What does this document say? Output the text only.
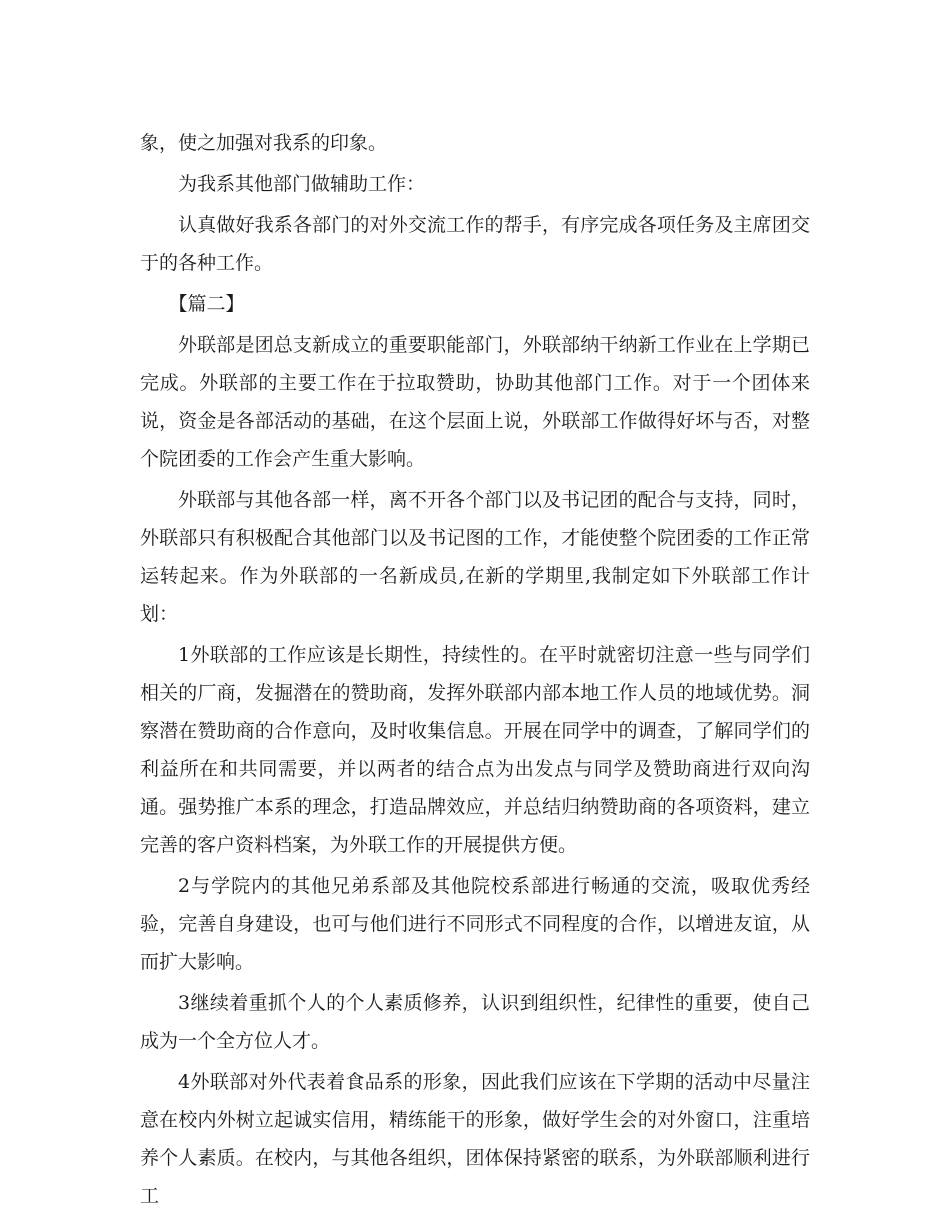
象，使之加强对我系的印象。

为我系其他部门做辅助工作：

认真做好我系各部门的对外交流工作的帮手，有序完成各项任务及主席团交于的各种工作。

【篇二】

外联部是团总支新成立的重要职能部门，外联部纳干纳新工作业在上学期已完成。外联部的主要工作在于拉取赞助，协助其他部门工作。对于一个团体来说，资金是各部活动的基础，在这个层面上说，外联部工作做得好坏与否，对整个院团委的工作会产生重大影响。

外联部与其他各部一样，离不开各个部门以及书记团的配合与支持，同时，外联部只有积极配合其他部门以及书记图的工作，才能使整个院团委的工作正常运转起来。作为外联部的一名新成员,在新的学期里,我制定如下外联部工作计划：

1外联部的工作应该是长期性，持续性的。在平时就密切注意一些与同学们相关的厂商，发掘潜在的赞助商，发挥外联部内部本地工作人员的地域优势。洞察潜在赞助商的合作意向，及时收集信息。开展在同学中的调查，了解同学们的利益所在和共同需要，并以两者的结合点为出发点与同学及赞助商进行双向沟通。强势推广本系的理念，打造品牌效应，并总结归纳赞助商的各项资料，建立完善的客户资料档案，为外联工作的开展提供方便。

2与学院内的其他兄弟系部及其他院校系部进行畅通的交流，吸取优秀经验，完善自身建设，也可与他们进行不同形式不同程度的合作，以增进友谊，从而扩大影响。

3继续着重抓个人的个人素质修养，认识到组织性，纪律性的重要，使自己成为一个全方位人才。

4外联部对外代表着食品系的形象，因此我们应该在下学期的活动中尽量注意在校内外树立起诚实信用，精练能干的形象，做好学生会的对外窗口，注重培养个人素质。在校内，与其他各组织，团体保持紧密的联系，为外联部顺利进行工
